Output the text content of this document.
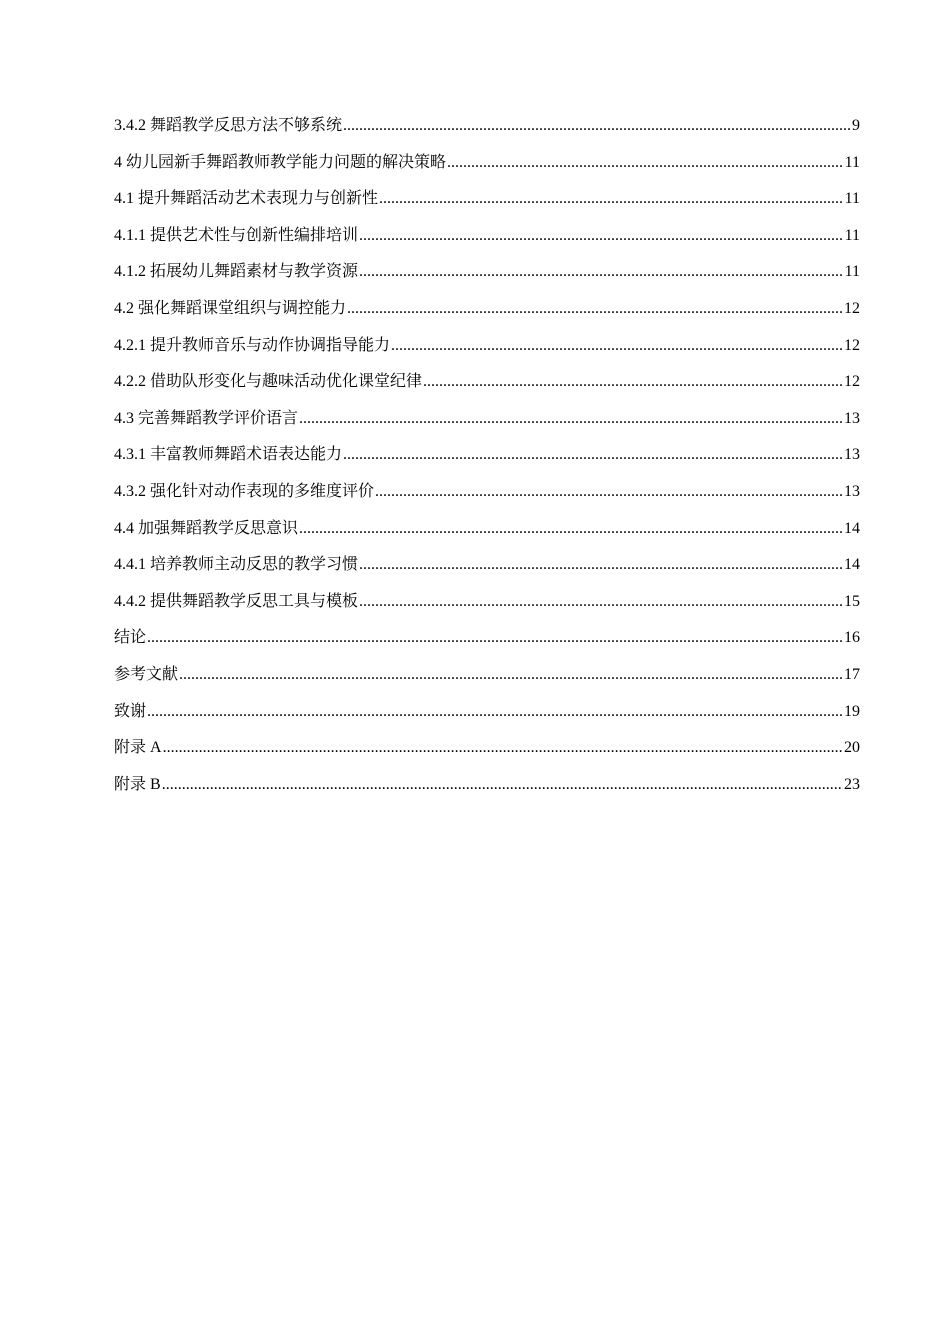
3.4.2 舞蹈教学反思方法不够系统 .....	9
4 幼儿园新手舞蹈教师教学能力问题的解决策略 .....	11
4.1 提升舞蹈活动艺术表现力与创新性 .....	11
4.1.1 提供艺术性与创新性编排培训 .....	11
4.1.2 拓展幼儿舞蹈素材与教学资源 .....	11
4.2 强化舞蹈课堂组织与调控能力 .....	12
4.2.1 提升教师音乐与动作协调指导能力 .....	12
4.2.2 借助队形变化与趣味活动优化课堂纪律 .....	12
4.3 完善舞蹈教学评价语言 .....	13
4.3.1 丰富教师舞蹈术语表达能力 .....	13
4.3.2 强化针对动作表现的多维度评价 .....	13
4.4 加强舞蹈教学反思意识 .....	14
4.4.1 培养教师主动反思的教学习惯 .....	14
4.4.2 提供舞蹈教学反思工具与模板 .....	15
结论 .....	16
参考文献 .....	17
致谢 .....	19
附录 A .....	20
附录 B .....	23
